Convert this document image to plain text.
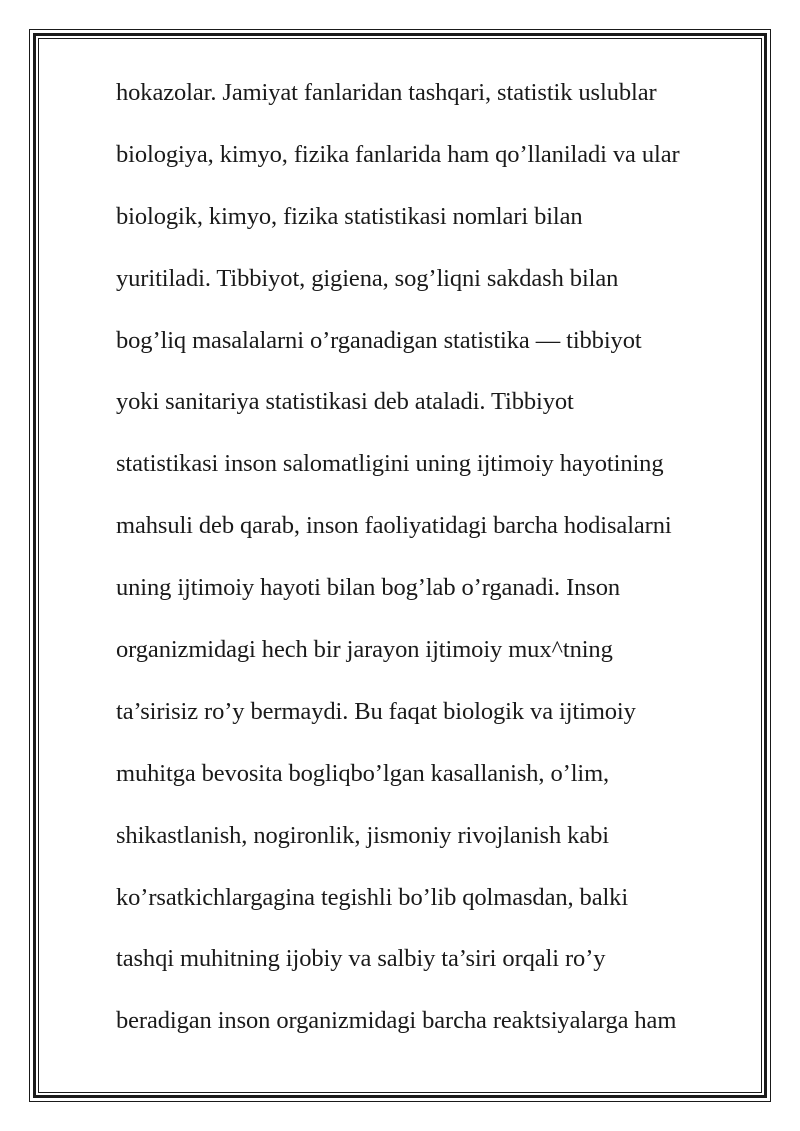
hokazolar. Jamiyat fanlaridan tashqari, statistik uslublar
biologiya, kimyo, fizika fanlarida ham qo’llaniladi va ular
biologik, kimyo, fizika statistikasi nomlari bilan
yuritiladi. Tibbiyot, gigiena, sog’liqni sakdash bilan
bog’liq masalalarni o’rganadigan statistika — tibbiyot
yoki sanitariya statistikasi deb ataladi. Tibbiyot
statistikasi inson salomatligini uning ijtimoiy hayotining
mahsuli deb qarab, inson faoliyatidagi barcha hodisalarni
uning ijtimoiy hayoti bilan bog’lab o’rganadi. Inson
organizmidagi hech bir jarayon ijtimoiy mux^tning
ta’sirisiz ro’y bermaydi. Bu faqat biologik va ijtimoiy
muhitga bevosita bogliqbo’lgan kasallanish, o’lim,
shikastlanish, nogironlik, jismoniy rivojlanish kabi
ko’rsatkichlargagina tegishli bo’lib qolmasdan, balki
tashqi muhitning ijobiy va salbiy ta’siri orqali ro’y
beradigan inson organizmidagi barcha reaktsiyalarga ham
